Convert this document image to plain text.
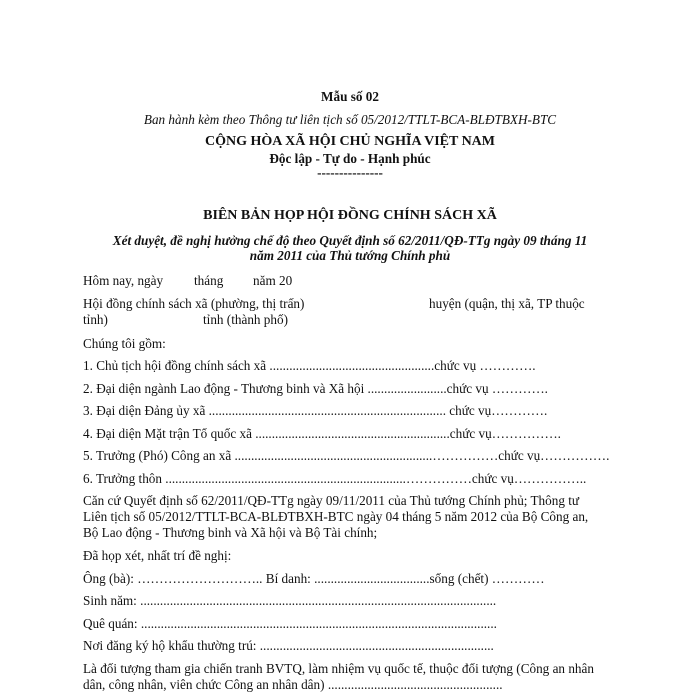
Mẫu số 02
Ban hành kèm theo Thông tư liên tịch số 05/2012/TTLT-BCA-BLĐTBXH-BTC
CỘNG HÒA XÃ HỘI CHỦ NGHĨA VIỆT NAM
Độc lập - Tự do - Hạnh phúc
---------------
BIÊN BẢN HỌP HỘI ĐỒNG CHÍNH SÁCH XÃ
Xét duyệt, đề nghị hưởng chế độ theo Quyết định số 62/2011/QĐ-TTg ngày 09 tháng 11
năm 2011 của Thủ tướng Chính phủ
Hôm nay, ngày tháng năm 20
Hội đồng chính sách xã (phường, thị trấn)	huyện (quận, thị xã, TP thuộc
tỉnh)	tỉnh (thành phố)
Chúng tôi gồm:
1. Chủ tịch hội đồng chính sách xã ..................................................chức vụ ………….
2. Đại diện ngành Lao động - Thương binh và Xã hội ........................chức vụ ………….
3. Đại diện Đảng ủy xã ........................................................................ chức vụ………….
4. Đại diện Mặt trận Tổ quốc xã ...........................................................chức vụ…………….
5. Trưởng (Phó) Công an xã ............................................................……………chức vụ…………….
6. Trưởng thôn .........................................................................……………chức vụ……………..
Căn cứ Quyết định số 62/2011/QĐ-TTg ngày 09/11/2011 của Thủ tướng Chính phủ; Thông tư
Liên tịch số 05/2012/TTLT-BCA-BLĐTBXH-BTC ngày 04 tháng 5 năm 2012 của Bộ Công an,
Bộ Lao động - Thương binh và Xã hội và Bộ Tài chính;
Đã họp xét, nhất trí đề nghị:
Ông (bà): ……………………….. Bí danh: ...................................sống (chết) …………
Sinh năm: ............................................................................................................
Quê quán: ............................................................................................................
Nơi đăng ký hộ khẩu thường trú: .......................................................................
Là đối tượng tham gia chiến tranh BVTQ, làm nhiệm vụ quốc tế, thuộc đối tượng (Công an nhân
dân, công nhân, viên chức Công an nhân dân) .....................................................
